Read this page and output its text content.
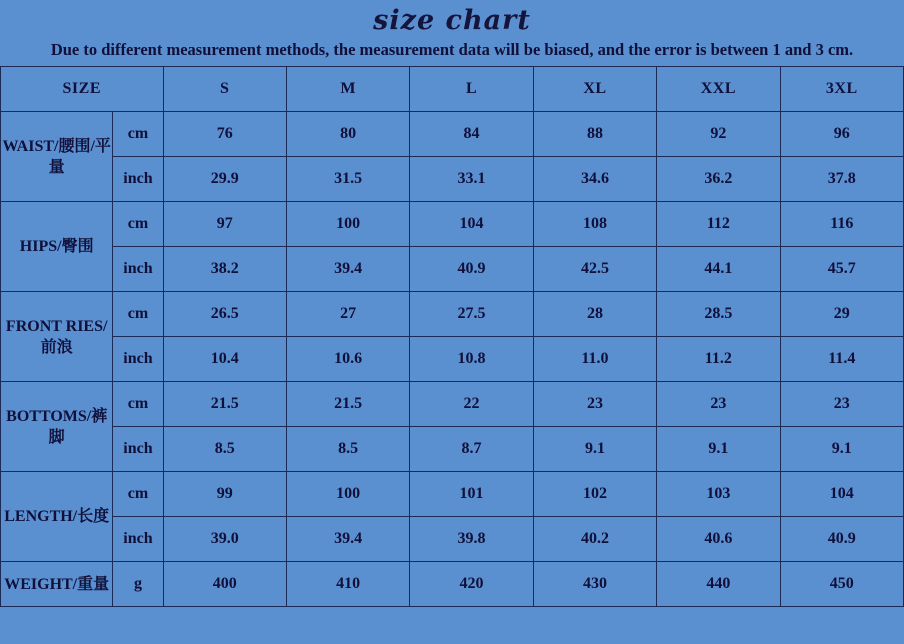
size chart
Due to different measurement methods, the measurement data will be biased, and the error is between 1 and 3 cm.
SIZE		S	M	L	XL	XXL	3XL
WAIST/腰围/平量	cm	76	80	84	88	92	96
	inch	29.9	31.5	33.1	34.6	36.2	37.8
HIPS/臀围	cm	97	100	104	108	112	116
	inch	38.2	39.4	40.9	42.5	44.1	45.7
FRONT RIES/前浪	cm	26.5	27	27.5	28	28.5	29
	inch	10.4	10.6	10.8	11.0	11.2	11.4
BOTTOMS/裤脚	cm	21.5	21.5	22	23	23	23
	inch	8.5	8.5	8.7	9.1	9.1	9.1
LENGTH/长度	cm	99	100	101	102	103	104
	inch	39.0	39.4	39.8	40.2	40.6	40.9
WEIGHT/重量	g	400	410	420	430	440	450
